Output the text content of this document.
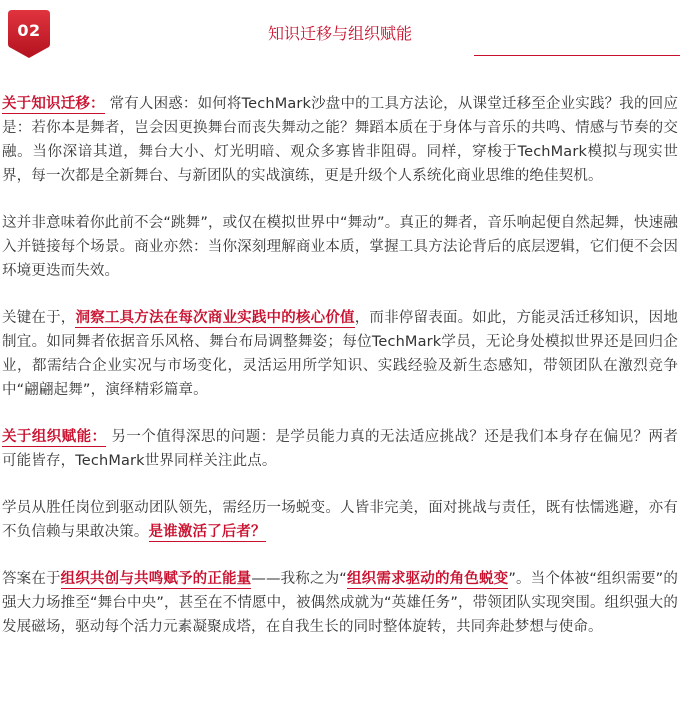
02	知识迁移与组织赋能

关于知识迁移： 常有人困惑：如何将TechMark沙盘中的工具方法论，从课堂迁移至企业实践？我的回应是：若你本是舞者，岂会因更换舞台而丧失舞动之能？舞蹈本质在于身体与音乐的共鸣、情感与节奏的交融。当你深谙其道，舞台大小、灯光明暗、观众多寡皆非阻碍。同样，穿梭于TechMark模拟与现实世界，每一次都是全新舞台、与新团队的实战演练，更是升级个人系统化商业思维的绝佳契机。

这并非意味着你此前不会“跳舞”，或仅在模拟世界中“舞动”。真正的舞者，音乐响起便自然起舞，快速融入并链接每个场景。商业亦然：当你深刻理解商业本质，掌握工具方法论背后的底层逻辑，它们便不会因环境更迭而失效。

关键在于，洞察工具方法在每次商业实践中的核心价值，而非停留表面。如此，方能灵活迁移知识，因地制宜。如同舞者依据音乐风格、舞台布局调整舞姿；每位TechMark学员，无论身处模拟世界还是回归企业，都需结合企业实况与市场变化，灵活运用所学知识、实践经验及新生态感知，带领团队在激烈竞争中“翩翩起舞”，演绎精彩篇章。

关于组织赋能： 另一个值得深思的问题：是学员能力真的无法适应挑战？还是我们本身存在偏见？两者可能皆存，TechMark世界同样关注此点。

学员从胜任岗位到驱动团队领先，需经历一场蜕变。人皆非完美，面对挑战与责任，既有怯懦逃避，亦有不负信赖与果敢决策。是谁激活了后者？

答案在于组织共创与共鸣赋予的正能量——我称之为“组织需求驱动的角色蜕变”。当个体被“组织需要”的强大力场推至“舞台中央”，甚至在不情愿中，被偶然成就为“英雄任务”，带领团队实现突围。组织强大的发展磁场，驱动每个活力元素凝聚成塔，在自我生长的同时整体旋转，共同奔赴梦想与使命。
